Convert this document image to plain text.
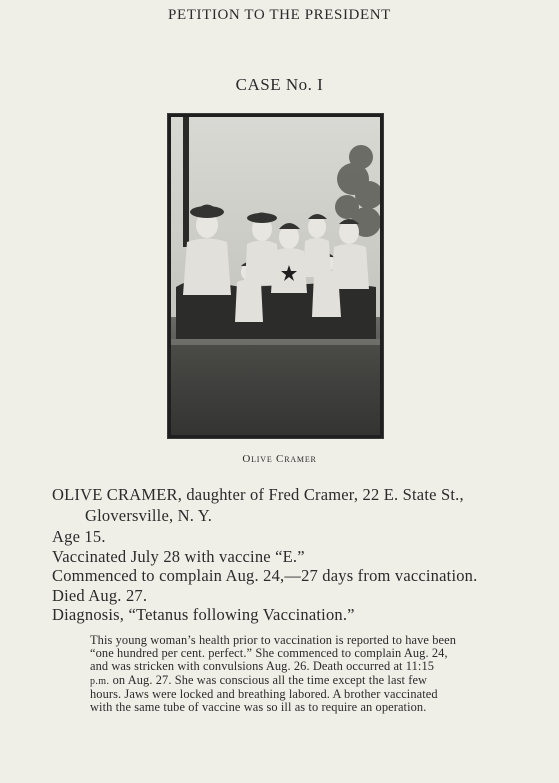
PETITION TO THE PRESIDENT
CASE No. I
Olive Cramer
OLIVE CRAMER, daughter of Fred Cramer, 22 E. State St.,
Gloversville, N. Y.
Age 15.
Vaccinated July 28 with vaccine “E.”
Commenced to complain Aug. 24,—27 days from vaccination.
Died Aug. 27.
Diagnosis, “Tetanus following Vaccination.”
This young woman’s health prior to vaccination is reported to have been
“one hundred per cent. perfect.” She commenced to complain Aug. 24,
and was stricken with convulsions Aug. 26. Death occurred at 11:15
p.m. on Aug. 27. She was conscious all the time except the last few
hours. Jaws were locked and breathing labored. A brother vaccinated
with the same tube of vaccine was so ill as to require an operation.
